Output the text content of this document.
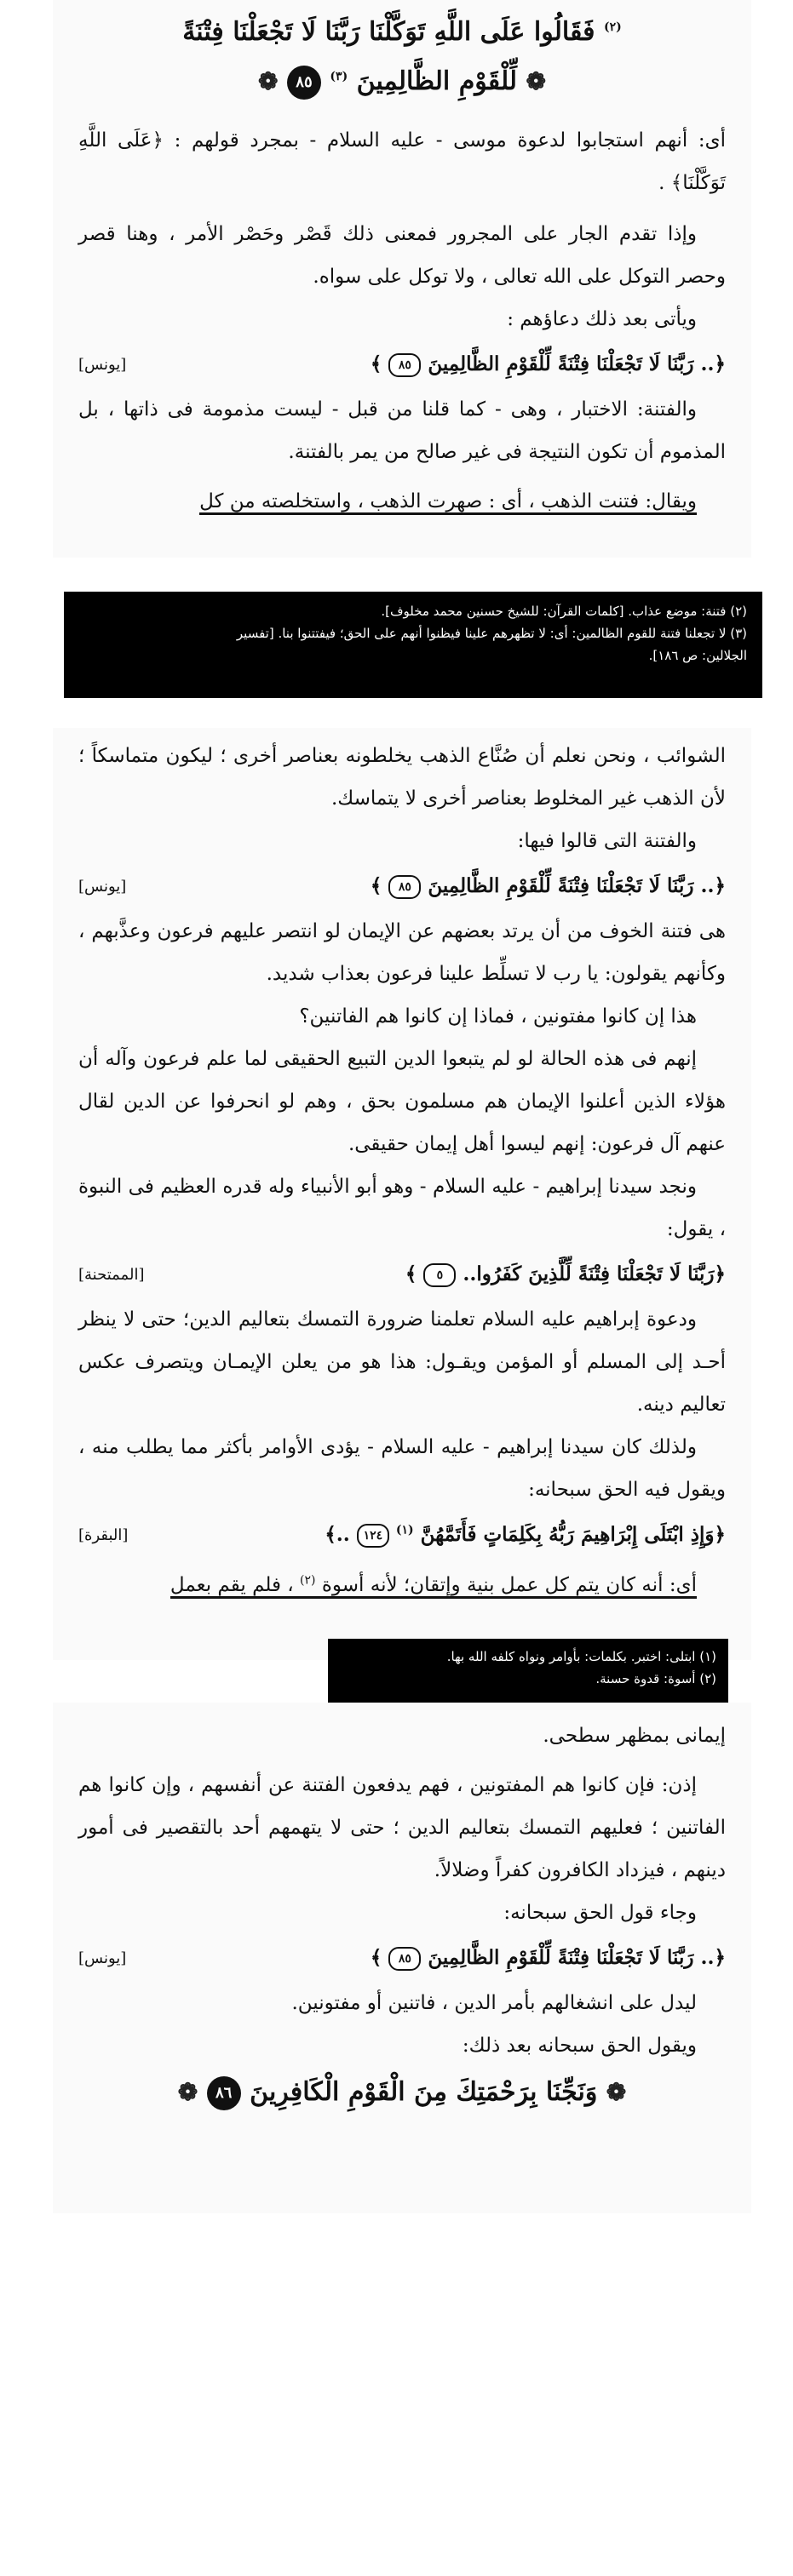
$^{(٢)}$ فَقَالُوا عَلَى اللَّهِ تَوَكَّلْنَا رَبَّنَا لَا تَجْعَلْنَا فِتْنَةً
❁ لِّلْقَوْمِ الظَّالِمِينَ $^{(٣)}$ ٨٥ ❁

أى: أنهم استجابوا لدعوة موسى - عليه السلام - بمجرد قولهم : ﴿عَلَى اللَّهِ تَوَكَّلْنَا﴾ .

وإذا تقدم الجار على المجرور فمعنى ذلك قَصْر وحَصْر الأمر ، وهنا قصر وحصر التوكل على الله تعالى ، ولا توكل على سواه.

ويأتى بعد ذلك دعاؤهم :

﴿.. رَبَّنَا لَا تَجْعَلْنَا فِتْنَةً لِّلْقَوْمِ الظَّالِمِينَ ٨٥ ﴾
[يونس]

والفتنة: الاختبار ، وهى - كما قلنا من قبل - ليست مذمومة فى ذاتها ، بل المذموم أن تكون النتيجة فى غير صالح من يمر بالفتنة.

ويقال: فتنت الذهب ، أى : صهرت الذهب ، واستخلصته من كل

(٢) فتنة: موضع عذاب. [كلمات القرآن: للشيخ حسنين محمد مخلوف].
(٣) لا تجعلنا فتنة للقوم الظالمين: أى: لا تظهرهم علينا فيظنوا أنهم على الحق؛ فيفتتنوا بنا. [تفسير
الجلالين: ص ١٨٦].

الشوائب ، ونحن نعلم أن صُنَّاع الذهب يخلطونه بعناصر أخرى ؛ ليكون متماسكاً ؛ لأن الذهب غير المخلوط بعناصر أخرى لا يتماسك.

والفتنة التى قالوا فيها:

﴿.. رَبَّنَا لَا تَجْعَلْنَا فِتْنَةً لِّلْقَوْمِ الظَّالِمِينَ ٨٥ ﴾
[يونس]

هى فتنة الخوف من أن يرتد بعضهم عن الإيمان لو انتصر عليهم فرعون وعذَّبهم ، وكأنهم يقولون: يا رب لا تسلِّط علينا فرعون بعذاب شديد.

هذا إن كانوا مفتونين ، فماذا إن كانوا هم الفاتنين؟

إنهم فى هذه الحالة لو لم يتبعوا الدين التبيع الحقيقى لما علم فرعون وآله أن هؤلاء الذين أعلنوا الإيمان هم مسلمون بحق ، وهم لو انحرفوا عن الدين لقال عنهم آل فرعون: إنهم ليسوا أهل إيمان حقيقى.

ونجد سيدنا إبراهيم - عليه السلام - وهو أبو الأنبياء وله قدره العظيم فى النبوة ، يقول:

﴿رَبَّنَا لَا تَجْعَلْنَا فِتْنَةً لِّلَّذِينَ كَفَرُوا.. ٥ ﴾
[الممتحنة]

ودعوة إبراهيم عليه السلام تعلمنا ضرورة التمسك بتعاليم الدين؛ حتى لا ينظر أحـد إلى المسلم أو المؤمن ويقـول: هذا هو من يعلن الإيمـان ويتصرف عكس تعاليم دينه.

ولذلك كان سيدنا إبراهيم - عليه السلام - يؤدى الأوامر بأكثر مما يطلب منه ، ويقول فيه الحق سبحانه:

﴿وَإِذِ ابْتَلَى إِبْرَاهِيمَ رَبُّهُ بِكَلِمَاتٍ فَأَتَمَّهُنَّ $^{(١)}$ ١٢٤ ..﴾
[البقرة]

أى: أنه كان يتم كل عمل بنية وإتقان؛ لأنه أسوة $^{(٢)}$ ، فلم يقم بعمل

(١) ابتلى: اختبر. بكلمات: بأوامر ونواه كلفه الله بها.
(٢) أسوة: قدوة حسنة.

إيمانى بمظهر سطحى.

إذن: فإن كانوا هم المفتونين ، فهم يدفعون الفتنة عن أنفسهم ، وإن كانوا هم الفاتنين ؛ فعليهم التمسك بتعاليم الدين ؛ حتى لا يتهمهم أحد بالتقصير فى أمور دينهم ، فيزداد الكافرون كفراً وضلالاً.

وجاء قول الحق سبحانه:

﴿.. رَبَّنَا لَا تَجْعَلْنَا فِتْنَةً لِّلْقَوْمِ الظَّالِمِينَ ٨٥ ﴾
[يونس]

ليدل على انشغالهم بأمر الدين ، فاتنين أو مفتونين.

ويقول الحق سبحانه بعد ذلك:

❁ وَنَجِّنَا بِرَحْمَتِكَ مِنَ الْقَوْمِ الْكَافِرِينَ ٨٦ ❁
